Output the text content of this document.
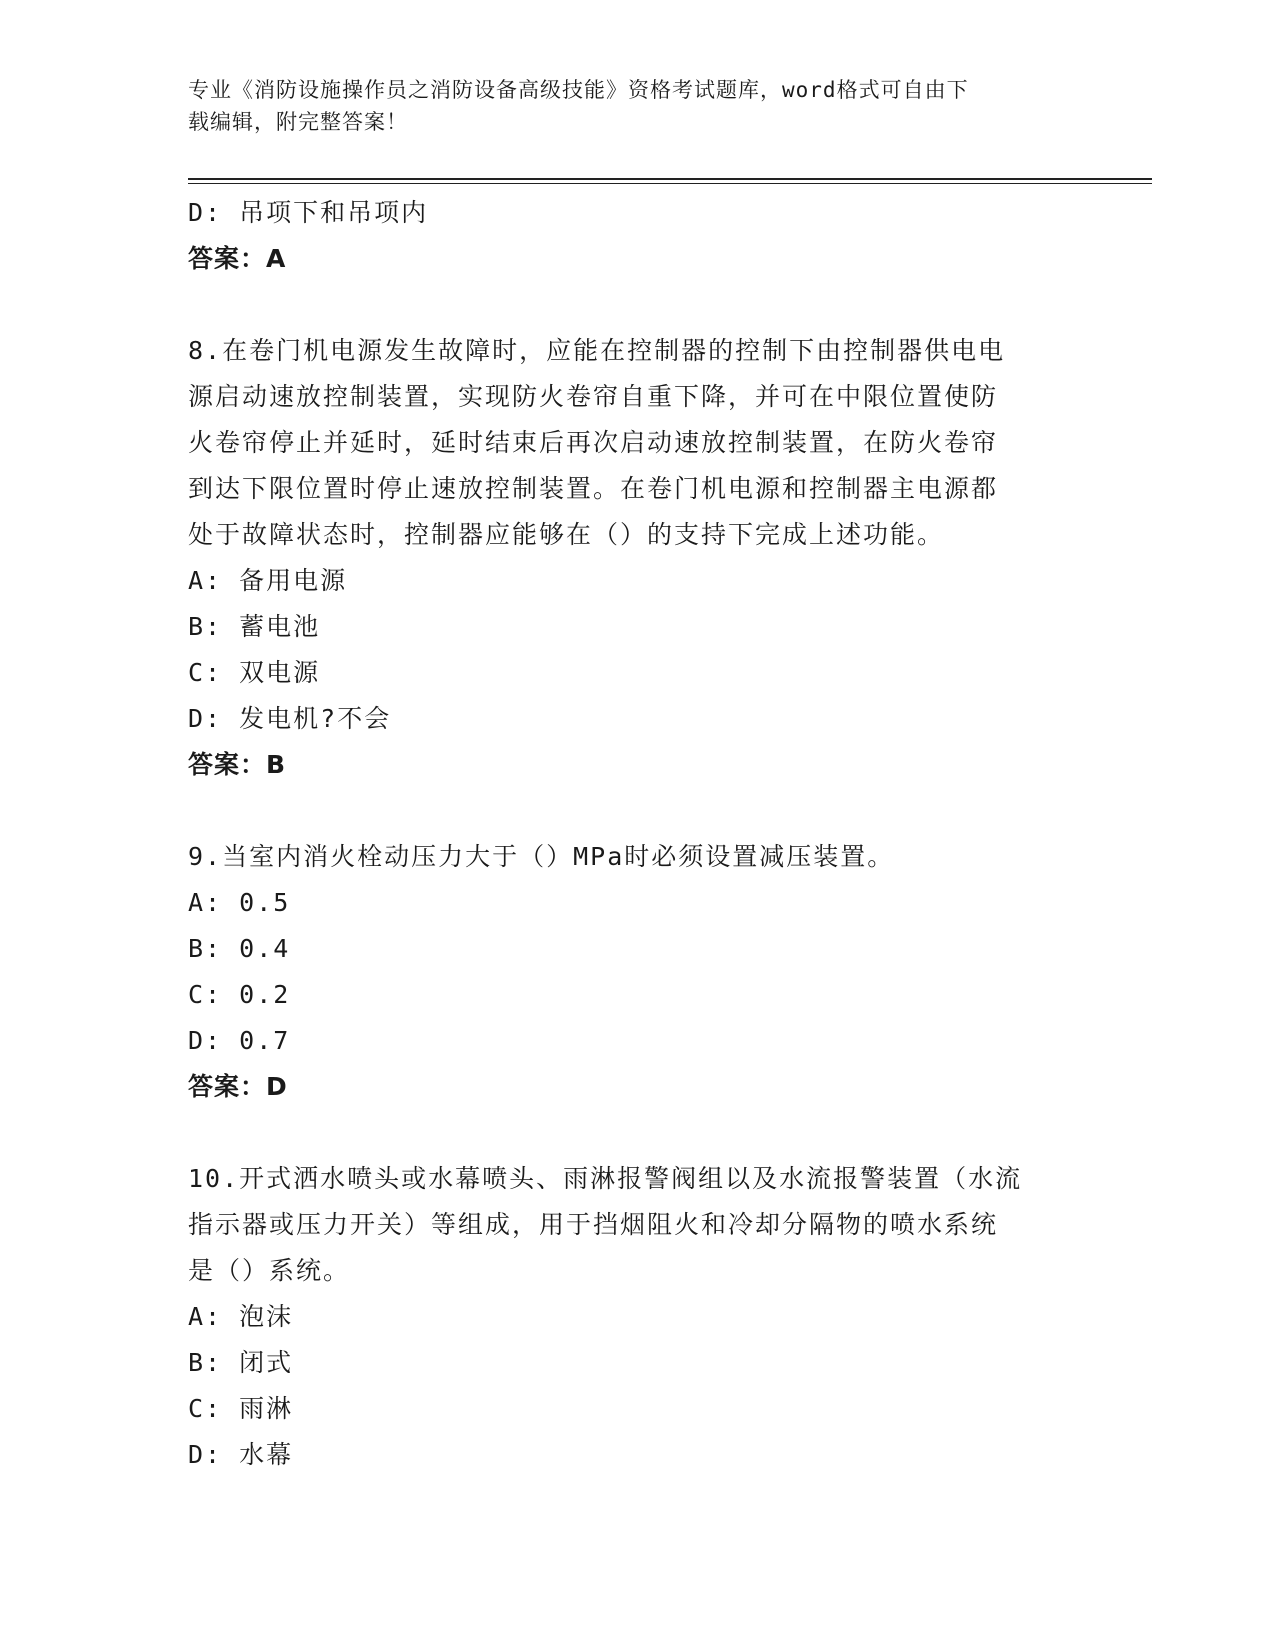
专业《消防设施操作员之消防设备高级技能》资格考试题库，word格式可自由下
载编辑，附完整答案！
D: 吊项下和吊项内
答案：A
8.在卷门机电源发生故障时，应能在控制器的控制下由控制器供电电
源启动速放控制装置，实现防火卷帘自重下降，并可在中限位置使防
火卷帘停止并延时，延时结束后再次启动速放控制装置，在防火卷帘
到达下限位置时停止速放控制装置。在卷门机电源和控制器主电源都
处于故障状态时，控制器应能够在（）的支持下完成上述功能。
A: 备用电源
B: 蓄电池
C: 双电源
D: 发电机?不会
答案：B
9.当室内消火栓动压力大于（）MPa时必须设置减压装置。
A: 0.5
B: 0.4
C: 0.2
D: 0.7
答案：D
10.开式洒水喷头或水幕喷头、雨淋报警阀组以及水流报警装置（水流
指示器或压力开关）等组成，用于挡烟阻火和冷却分隔物的喷水系统
是（）系统。
A: 泡沫
B: 闭式
C: 雨淋
D: 水幕
